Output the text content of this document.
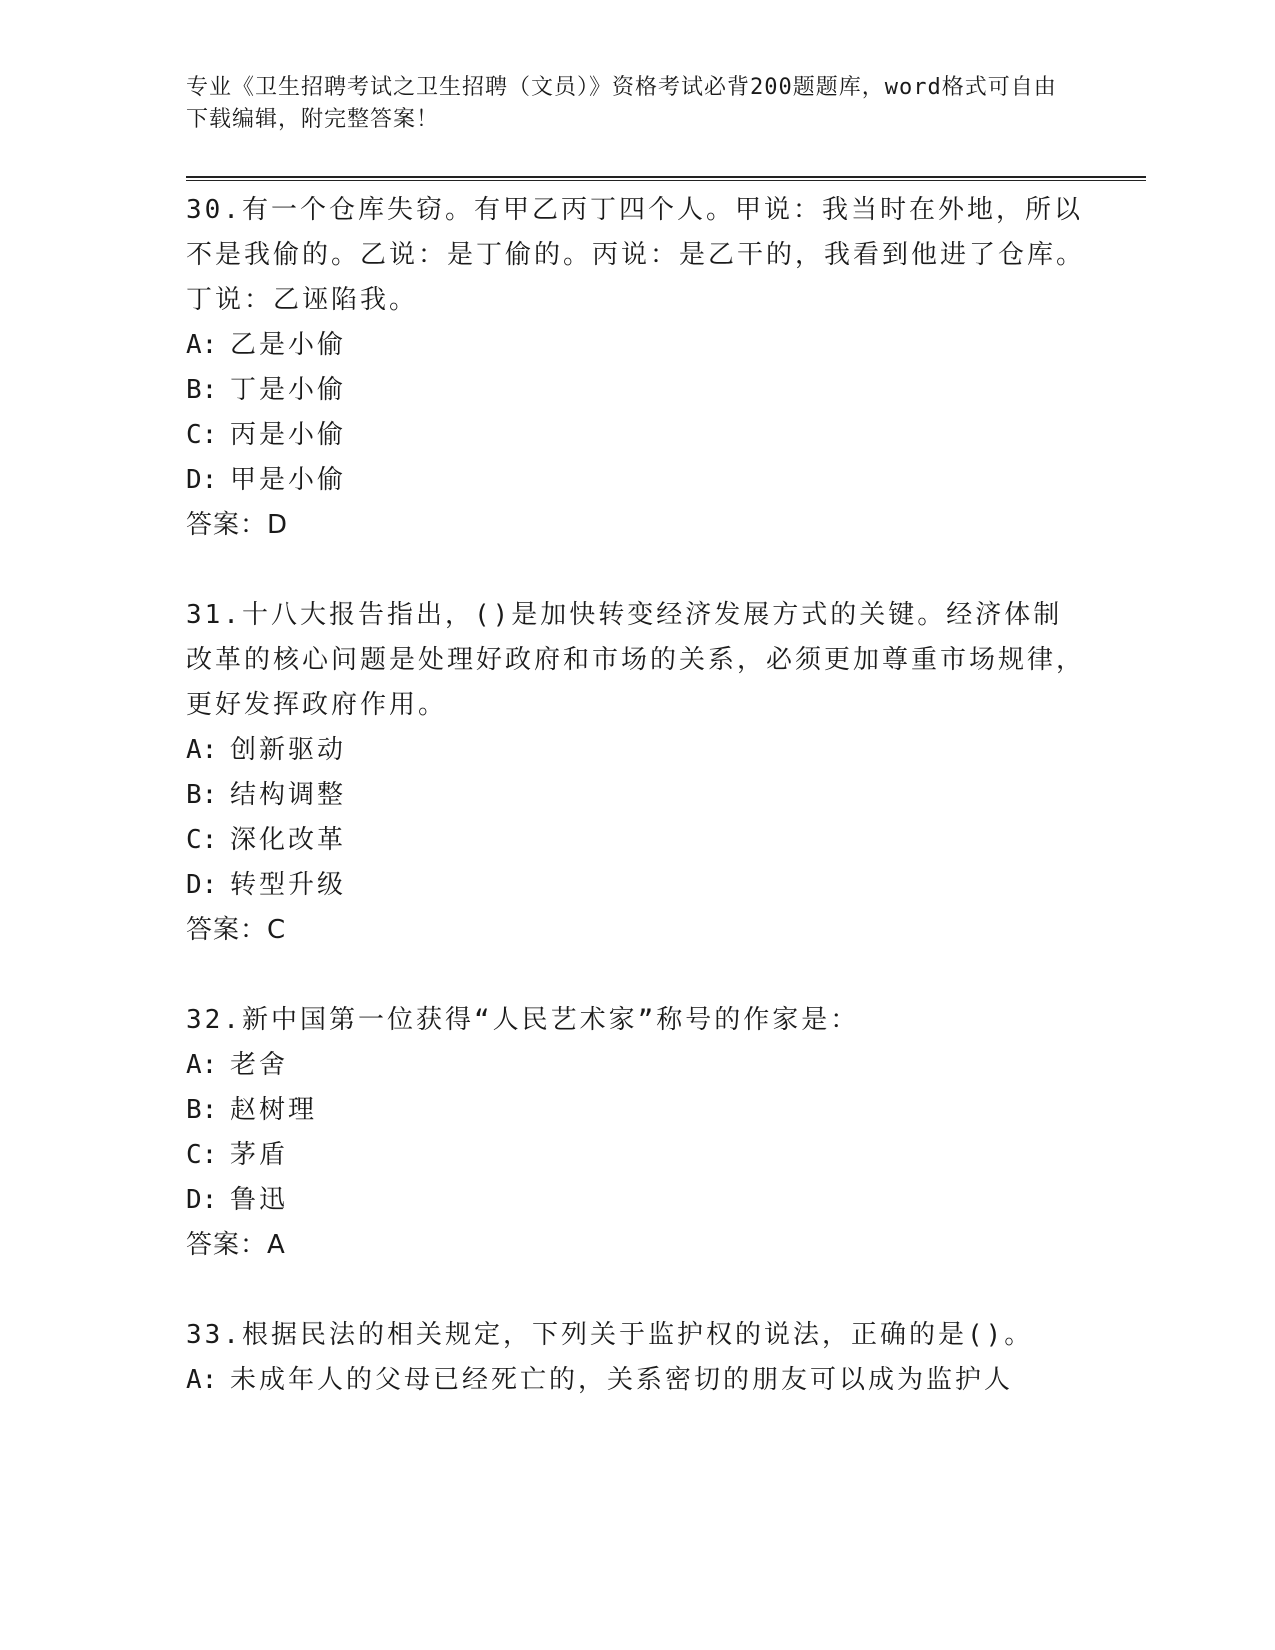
专业《卫生招聘考试之卫生招聘（文员）》资格考试必背200题题库，word格式可自由下载编辑，附完整答案！

30.有一个仓库失窃。有甲乙丙丁四个人。甲说：我当时在外地，所以不是我偷的。乙说：是丁偷的。丙说：是乙干的，我看到他进了仓库。丁说：乙诬陷我。

A: 乙是小偷

B: 丁是小偷

C: 丙是小偷

D: 甲是小偷

答案：D

31.十八大报告指出，()是加快转变经济发展方式的关键。经济体制改革的核心问题是处理好政府和市场的关系，必须更加尊重市场规律，更好发挥政府作用。

A: 创新驱动

B: 结构调整

C: 深化改革

D: 转型升级

答案：C

32.新中国第一位获得“人民艺术家”称号的作家是：

A: 老舍

B: 赵树理

C: 茅盾

D: 鲁迅

答案：A

33.根据民法的相关规定，下列关于监护权的说法，正确的是()。

A: 未成年人的父母已经死亡的，关系密切的朋友可以成为监护人
